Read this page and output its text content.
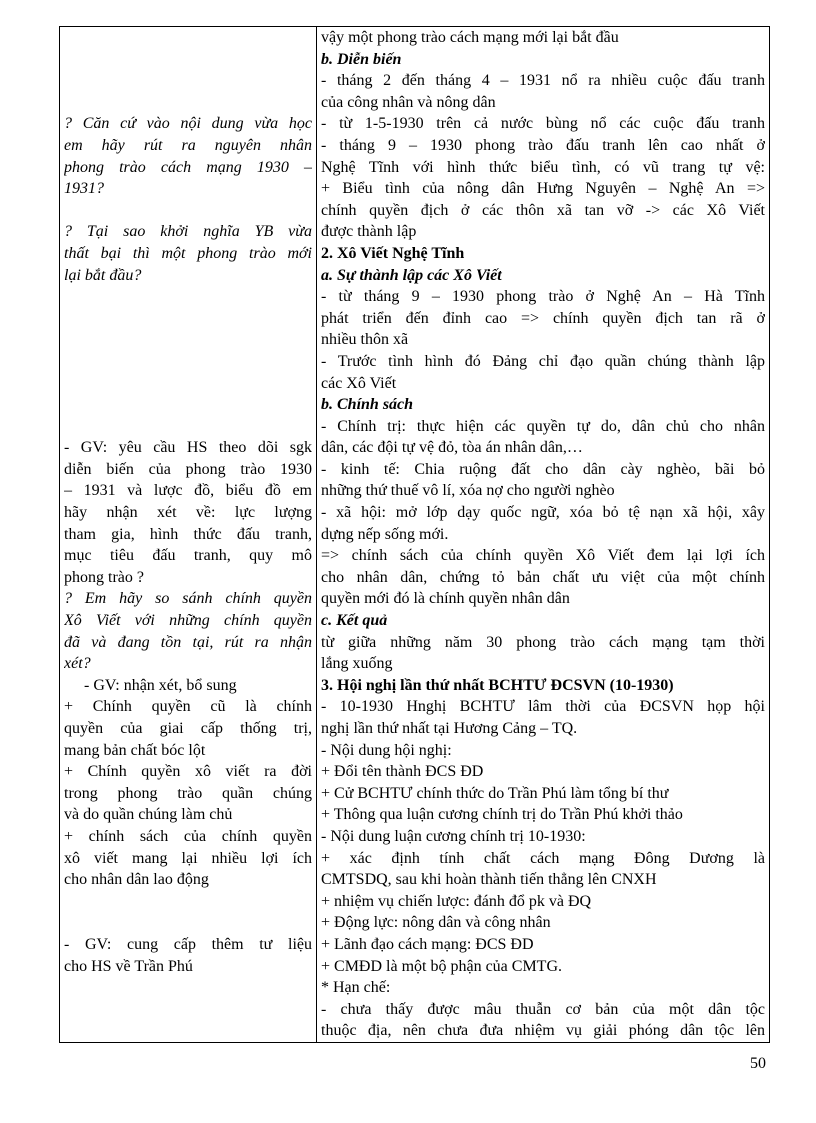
? Căn cứ vào nội dung vừa học
em hãy rút ra nguyên nhân
phong trào cách mạng 1930 –
1931?
? Tại sao khởi nghĩa YB vừa
thất bại thì một phong trào mới
lại bắt đầu?
- GV: yêu cầu HS theo dõi sgk
diễn biến của phong trào 1930
– 1931 và lược đồ, biểu đồ em
hãy nhận xét về: lực lượng
tham gia, hình thức đấu tranh,
mục tiêu đấu tranh, quy mô
phong trào ?
? Em hãy so sánh chính quyền
Xô Viết với những chính quyền
đã và đang tồn tại, rút ra nhận
xét?
- GV: nhận xét, bổ sung
+ Chính quyền cũ là chính
quyền của giai cấp thống trị,
mang bản chất bóc lột
+ Chính quyền xô viết ra đời
trong phong trào quần chúng
và do quần chúng làm chủ
+ chính sách của chính quyền
xô viết mang lại nhiều lợi ích
cho nhân dân lao động
- GV: cung cấp thêm tư liệu
cho HS về Trần Phú

vậy một phong trào cách mạng mới lại bắt đầu
b. Diễn biến
- tháng 2 đến tháng 4 – 1931 nổ ra nhiều cuộc đấu tranh
của công nhân và nông dân
- từ 1-5-1930 trên cả nước bùng nổ các cuộc đấu tranh
- tháng 9 – 1930 phong trào đấu tranh lên cao nhất ở
Nghệ Tĩnh với hình thức biểu tình, có vũ trang tự vệ:
+ Biểu tình của nông dân Hưng Nguyên – Nghệ An =>
chính quyền địch ở các thôn xã tan vỡ -> các Xô Viết
được thành lập
2. Xô Viết Nghệ Tĩnh
a. Sự thành lập các Xô Viết
- từ tháng 9 – 1930 phong trào ở Nghệ An – Hà Tĩnh
phát triển đến đỉnh cao => chính quyền địch tan rã ở
nhiều thôn xã
- Trước tình hình đó Đảng chỉ đạo quần chúng thành lập
các Xô Viết
b. Chính sách
- Chính trị: thực hiện các quyền tự do, dân chủ cho nhân
dân, các đội tự vệ đỏ, tòa án nhân dân,…
- kinh tế: Chia ruộng đất cho dân cày nghèo, bãi bỏ
những thứ thuế vô lí, xóa nợ cho người nghèo
- xã hội: mở lớp dạy quốc ngữ, xóa bỏ tệ nạn xã hội, xây
dựng nếp sống mới.
=> chính sách của chính quyền Xô Viết đem lại lợi ích
cho nhân dân, chứng tỏ bản chất ưu việt của một chính
quyền mới đó là chính quyền nhân dân
c. Kết quả
từ giữa những năm 30 phong trào cách mạng tạm thời
lắng xuống
3. Hội nghị lần thứ nhất BCHTƯ ĐCSVN (10-1930)
- 10-1930 Hnghị BCHTƯ lâm thời của ĐCSVN họp hội
nghị lần thứ nhất tại Hương Cảng – TQ.
- Nội dung hội nghị:
+ Đổi tên thành ĐCS ĐD
+ Cử BCHTƯ chính thức do Trần Phú làm tổng bí thư
+ Thông qua luận cương chính trị do Trần Phú khởi thảo
- Nội dung luận cương chính trị 10-1930:
+ xác định tính chất cách mạng Đông Dương là
CMTSDQ, sau khi hoàn thành tiến thẳng lên CNXH
+ nhiệm vụ chiến lược: đánh đổ pk và ĐQ
+ Động lực: nông dân và công nhân
+ Lãnh đạo cách mạng: ĐCS ĐD
+ CMĐD là một bộ phận của CMTG.
* Hạn chế:
- chưa thấy được mâu thuẫn cơ bản của một dân tộc
thuộc địa, nên chưa đưa nhiệm vụ giải phóng dân tộc lên
50
